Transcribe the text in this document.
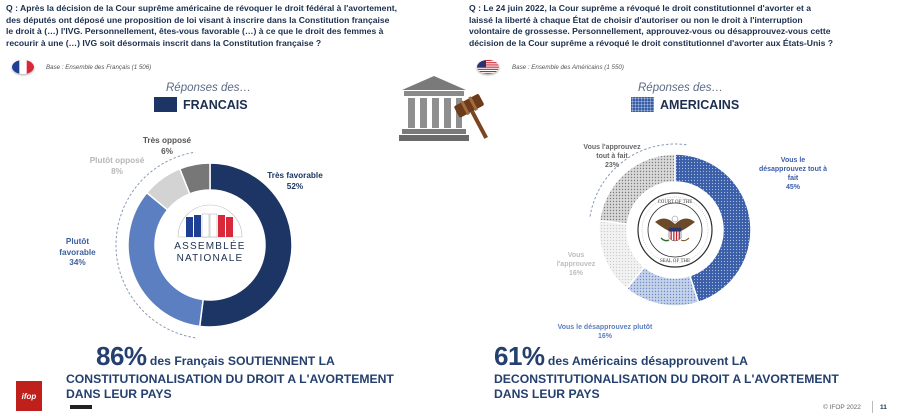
Q : Après la décision de la Cour suprême américaine de révoquer le droit fédéral à l'avortement,
des députés ont déposé une proposition de loi visant à inscrire dans la Constitution française
le droit à (…) l'IVG. Personnellement, êtes-vous favorable (…) à ce que le droit des femmes à
recourir à une (…) IVG soit désormais inscrit dans la Constitution française ?
Base : Ensemble des Français (1 506)
Réponses des…
FRANCAIS
ASSEMBLÉE
NATIONALE
Très favorable
52%
Plutôt
favorable
34%
Plutôt opposé
8%
Très opposé
6%
86% des Français SOUTIENNENT LA
CONSTITUTIONALISATION DU DROIT A L'AVORTEMENT
DANS LEUR PAYS
Q : Le 24 juin 2022, la Cour suprême a révoqué le droit constitutionnel d'avorter et a
laissé la liberté à chaque État de choisir d'autoriser ou non le droit à l'interruption
volontaire de grossesse. Personnellement, approuvez-vous ou désapprouvez-vous cette
décision de la Cour suprême a révoqué le droit constitutionnel d'avorter aux États-Unis ?
Base : Ensemble des Américains (1 550)
Réponses des…
AMERICAINS
COURT OF THE
SEAL OF THE
Vous le
désapprouvez tout à
fait
45%
Vous le désapprouvez plutôt
16%
Vous
l'approuvez
16%
Vous l'approuvez
tout à fait
23%
61% des Américains désapprouvent LA
DECONSTITUTIONALISATION DU DROIT A L'AVORTEMENT
DANS LEUR PAYS
ifop
© IFOP 2022	11
